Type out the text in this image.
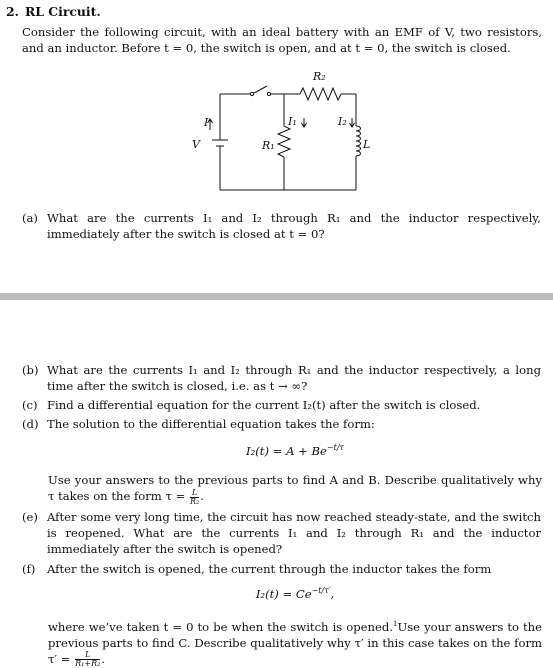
2. RL Circuit.
Consider the following circuit, with an ideal battery with an EMF of V, two resistors, and an inductor. Before t = 0, the switch is open, and at t = 0, the switch is closed.
R₂
R₁	L
V
I	I₁	I₂
(a) What are the currents I₁ and I₂ through R₁ and the inductor respectively, immediately after the switch is closed at t = 0?
(b) What are the currents I₁ and I₂ through R₁ and the inductor respectively, a long time after the switch is closed, i.e. as t → ∞?
(c) Find a differential equation for the current I₂(t) after the switch is closed.
(d) The solution to the differential equation takes the form:
$I_2(t) = A + Be^{-t/\tau}$
Use your answers to the previous parts to find A and B. Describe qualitatively why τ takes on the form $\tau = \frac{L}{\text{R₂}}$ .
(e) After some very long time, the circuit has now reached steady-state, and the switch is reopened. What are the currents I₁ and I₂ through R₁ and the inductor immediately after the switch is opened?
(f) After the switch is opened, the current through the inductor takes the form
$I_2(t) = Ce^{-t/\tau'}$,
where we’ve taken t = 0 to be when the switch is opened.$^1$Use your answers to the previous parts to find C. Describe qualitatively why τ′ in this case takes on the form $\tau' = \frac{L}{\text{R₁+R₂}}$ .
